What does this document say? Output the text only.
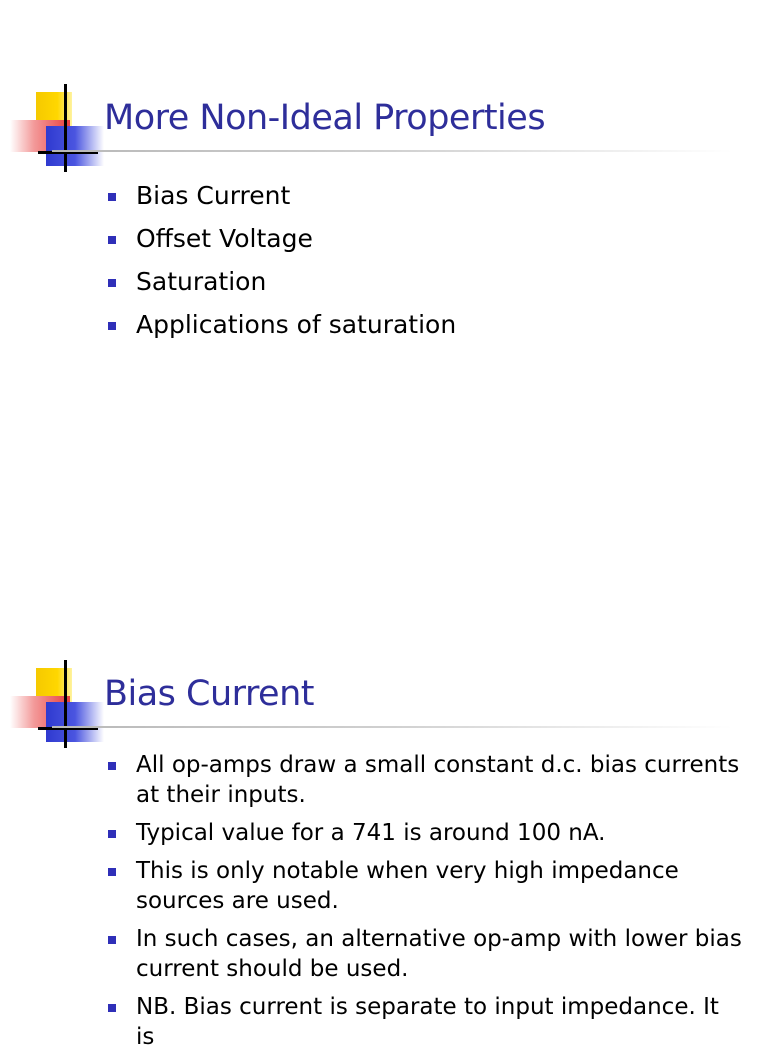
More Non-Ideal Properties
Bias Current
Offset Voltage
Saturation
Applications of saturation
Bias Current
All op-amps draw a small constant d.c. bias currents at their inputs.
Typical value for a 741 is around 100 nA.
This is only notable when very high impedance sources are used.
In such cases, an alternative op-amp with lower bias current should be used.
NB. Bias current is separate to input impedance. It is
